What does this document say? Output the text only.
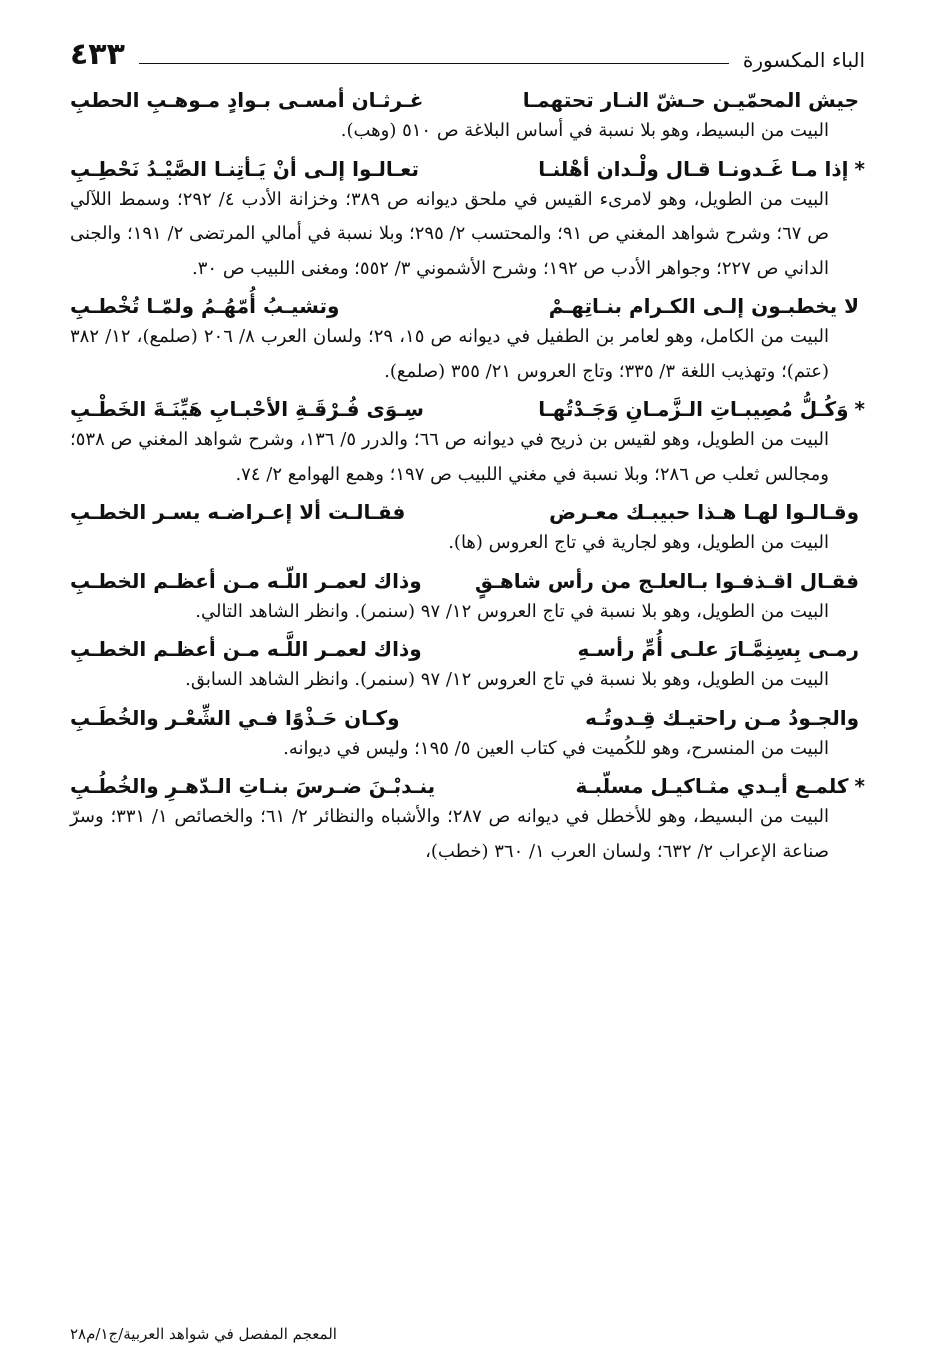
الباء المكسورة
٤٣٣
جيش المحمّيـن حـشّ النـار تحتهمـا
غـرثـان أمسـى بـوادٍ مـوهـبِ الحطبِ

البيت من البسيط، وهو بلا نسبة في أساس البلاغة ص ٥١٠ (وهب).

*إذا مـا غَـدونـا قـال ولْـدان أهْلنـا
تعـالـوا إلـى أنْ يَـأتِنـا الصَّيْـدُ نَحْطِـبِ

البيت من الطويل، وهو لامرىء القيس في ملحق ديوانه ص ٣٨٩؛ وخزانة الأدب ٤/ ٢٩٢؛ وسمط اللآلي ص ٦٧؛ وشرح شواهد المغني ص ٩١؛ والمحتسب ٢/ ٢٩٥؛ وبلا نسبة في أمالي المرتضى ٢/ ١٩١؛ والجنى الداني ص ٢٢٧؛ وجواهر الأدب ص ١٩٢؛ وشرح الأشموني ٣/ ٥٥٢؛ ومغنى اللبيب ص ٣٠.

لا يخطبـون إلـى الكـرام بنـاتِهـمْ
وتشيـبُ أُمّهُـمُ ولمّـا تُخْطـبِ

البيت من الكامل، وهو لعامر بن الطفيل في ديوانه ص ١٥، ٢٩؛ ولسان العرب ٨/ ٢٠٦ (صلمع)، ١٢/ ٣٨٢ (عتم)؛ وتهذيب اللغة ٣/ ٣٣٥؛ وتاج العروس ٢١/ ٣٥٥ (صلمع).

*وَكُـلُّ مُصِيبـاتِ الـزَّمـانِ وَجَـدْتُهـا
سِـوَى فُـرْقَـةِ الأحْبـابِ هَيِّنَـةَ الخَطْـبِ

البيت من الطويل، وهو لقيس بن ذريح في ديوانه ص ٦٦؛ والدرر ٥/ ١٣٦، وشرح شواهد المغني ص ٥٣٨؛ ومجالس ثعلب ص ٢٨٦؛ وبلا نسبة في مغني اللبيب ص ١٩٧؛ وهمع الهوامع ٢/ ٧٤.

وقـالـوا لهـا هـذا حبيبـك معـرض
فقـالـت ألا إعـراضـه يسـر الخطـبِ

البيت من الطويل، وهو لجارية في تاج العروس (ها).

فقـال اقـذفـوا بـالعلـج من رأس شاهـقٍ
وذاك لعمـر اللّـه مـن أعظـم الخطـبِ

البيت من الطويل، وهو بلا نسبة في تاج العروس ١٢/ ٩٧ (سنمر). وانظر الشاهد التالي.

رمـى بِسِنِمَّـارَ علـى أُمِّ رأسـهِ
وذاك لعمـر اللَّـه مـن أعظـم الخطـبِ

البيت من الطويل، وهو بلا نسبة في تاج العروس ١٢/ ٩٧ (سنمر). وانظر الشاهد السابق.

والجـودُ مـن راحتيـك قِـدوتُـه
وكـان حَـذْوًا فـي الشِّعْـر والخُطَـبِ

البيت من المنسرح، وهو للكُميت في كتاب العين ٥/ ١٩٥؛ وليس في ديوانه.

*كلمـع أيـدي مثـاكيـل مسلّبـة
ينـدبْـنَ ضـرسَ بنـاتِ الـدّهـرِ والخُطُـبِ

البيت من البسيط، وهو للأخطل في ديوانه ص ٢٨٧؛ والأشباه والنظائر ٢/ ٦١؛ والخصائص ١/ ٣٣١؛ وسرّ صناعة الإعراب ٢/ ٦٣٢؛ ولسان العرب ١/ ٣٦٠ (خطب)،

المعجم المفصل في شواهد العربية/ج١/م٢٨
